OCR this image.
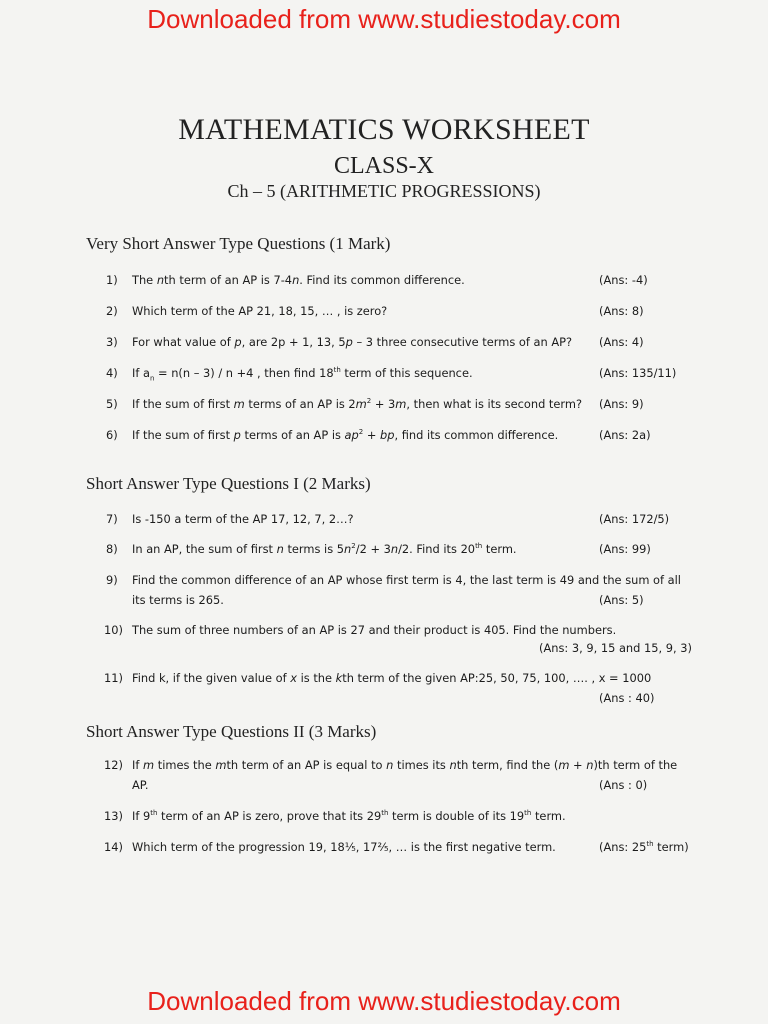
Downloaded from www.studiestoday.com
MATHEMATICS WORKSHEET
CLASS-X
Ch – 5 (ARITHMETIC PROGRESSIONS)
Very Short Answer Type Questions (1 Mark)
1) The nth term of an AP is 7-4n. Find its common difference.	(Ans: -4)
2) Which term of the AP 21, 18, 15, … , is zero?	(Ans: 8)
3) For what value of p, are 2p + 1, 13, 5p – 3 three consecutive terms of an AP? (Ans: 4)
4) If $a_n = n(n - 3) / n +4$ , then find 18th term of this sequence.	(Ans: 135/11)
5) If the sum of first m terms of an AP is $2m^2 + 3m$, then what is its second term? (Ans: 9)
6) If the sum of first p terms of an AP is $ap^2$ + bp, find its common difference.	(Ans: 2a)
Short Answer Type Questions I (2 Marks)
7) Is -150 a term of the AP 17, 12, 7, 2…?	(Ans: 172/5)
8) In an AP, the sum of first n terms is $5n^2/2 + 3n/2$. Find its 20th term.	(Ans: 99)
9) Find the common difference of an AP whose first term is 4, the last term is 49 and the sum of all
its terms is 265.	(Ans: 5)
10) The sum of three numbers of an AP is 27 and their product is 405. Find the numbers.
(Ans: 3, 9, 15 and 15, 9, 3)
11) Find k, if the given value of x is the kth term of the given AP:25, 50, 75, 100, …. , x = 1000
(Ans : 40)
Short Answer Type Questions II (3 Marks)
12) If m times the mth term of an AP is equal to n times its nth term, find the (m + n)th term of the
AP.	(Ans : 0)
13) If 9th term of an AP is zero, prove that its 29th term is double of its 19th term.
14) Which term of the progression 19, 18⅕, 17⅖, … is the first negative term.	(Ans: 25th term)
Downloaded from www.studiestoday.com
